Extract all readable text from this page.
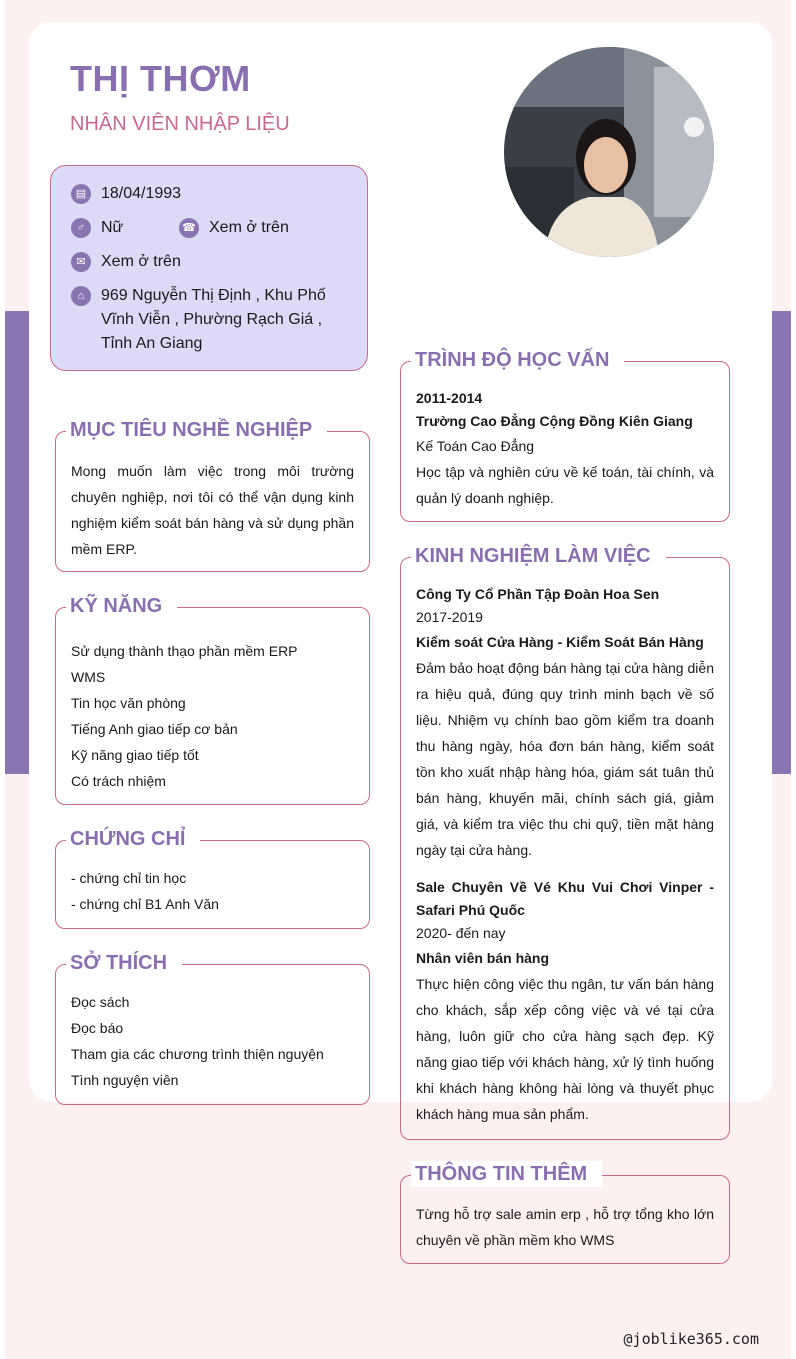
THỊ THƠM
NHÂN VIÊN NHẬP LIỆU
▤ 18/04/1993
♂ Nữ	☎ Xem ở trên
✉ Xem ở trên
⌂	969 Nguyễn Thị Định , Khu Phố Vĩnh Viễn , Phường Rạch Giá , Tỉnh An Giang
MỤC TIÊU NGHỀ NGHIỆP
Mong muốn làm việc trong môi trường chuyên nghiệp, nơi tôi có thể vận dụng kinh nghiệm kiểm soát bán hàng và sử dụng phần mềm ERP.
KỸ NĂNG
Sử dụng thành thạo phần mềm ERP
WMS
Tin học văn phòng
Tiếng Anh giao tiếp cơ bản
Kỹ năng giao tiếp tốt
Có trách nhiệm
CHỨNG CHỈ
- chứng chỉ tin học
- chứng chỉ B1 Anh Văn
SỞ THÍCH
Đọc sách
Đọc báo
Tham gia các chương trình thiện nguyện
Tình nguyện viên
TRÌNH ĐỘ HỌC VẤN
2011-2014
Trường Cao Đẳng Cộng Đồng Kiên Giang
Kế Toán Cao Đẳng
Học tập và nghiên cứu về kế toán, tài chính, và quản lý doanh nghiệp.
KINH NGHIỆM LÀM VIỆC
Công Ty Cổ Phần Tập Đoàn Hoa Sen
2017-2019
Kiểm soát Cửa Hàng - Kiểm Soát Bán Hàng
Đảm bảo hoạt động bán hàng tại cửa hàng diễn ra hiệu quả, đúng quy trình minh bạch về số liệu. Nhiệm vụ chính bao gồm kiểm tra doanh thu hàng ngày, hóa đơn bán hàng, kiểm soát tồn kho xuất nhập hàng hóa, giám sát tuân thủ bán hàng, khuyến mãi, chính sách giá, giảm giá, và kiểm tra việc thu chi quỹ, tiền mặt hàng ngày tại cửa hàng.
Sale Chuyên Về Vé Khu Vui Chơi Vinper - Safari Phú Quốc
2020- đến nay
Nhân viên bán hàng
Thực hiện công việc thu ngân, tư vấn bán hàng cho khách, sắp xếp công việc và vé tại cửa hàng, luôn giữ cho cửa hàng sạch đẹp. Kỹ năng giao tiếp với khách hàng, xử lý tình huống khi khách hàng không hài lòng và thuyết phục khách hàng mua sản phẩm.
THÔNG TIN THÊM
Từng hỗ trợ sale amin erp , hỗ trợ tổng kho lớn chuyên về phần mềm kho WMS
@joblike365.com
